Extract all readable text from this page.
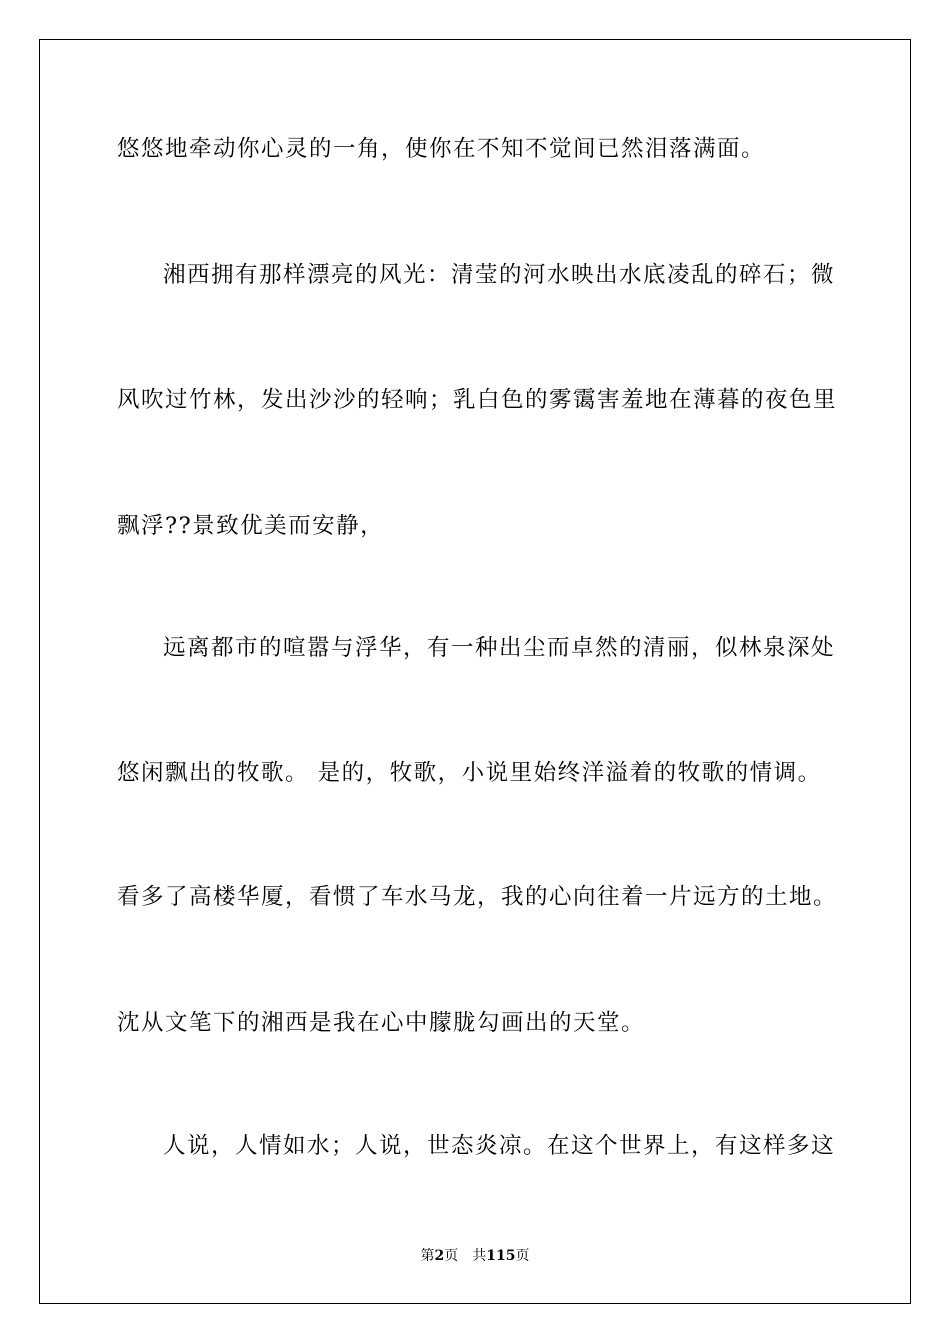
悠悠地牵动你心灵的一角，使你在不知不觉间已然泪落满面。
湘西拥有那样漂亮的风光：清莹的河水映出水底凌乱的碎石；微
风吹过竹林，发出沙沙的轻响；乳白色的雾霭害羞地在薄暮的夜色里
飘浮??景致优美而安静，
远离都市的喧嚣与浮华，有一种出尘而卓然的清丽，似林泉深处
悠闲飘出的牧歌。 是的，牧歌，小说里始终洋溢着的牧歌的情调。
看多了高楼华厦，看惯了车水马龙，我的心向往着一片远方的土地。
沈从文笔下的湘西是我在心中朦胧勾画出的天堂。
人说，人情如水；人说，世态炎凉。在这个世界上，有这样多这
第2页 共115页
